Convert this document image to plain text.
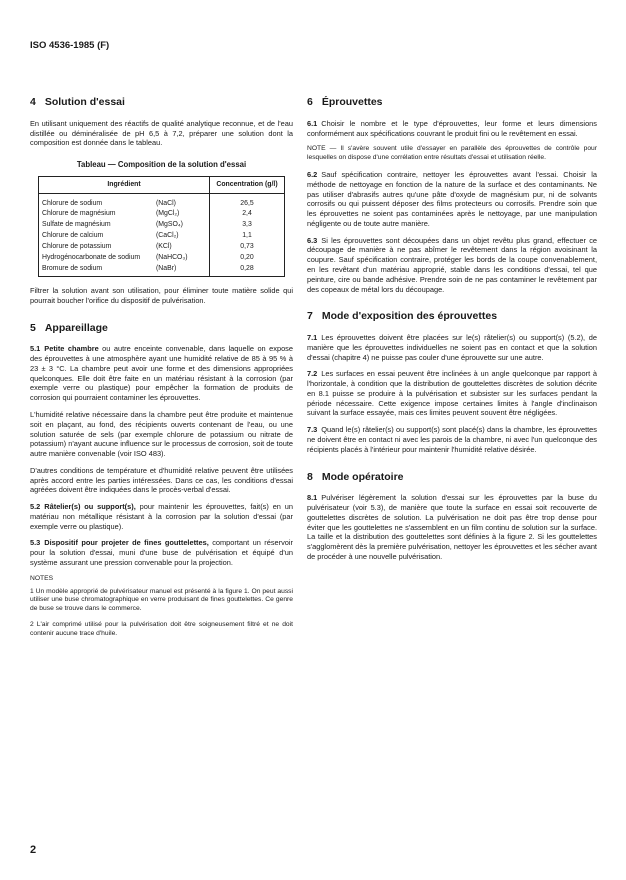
ISO 4536-1985 (F)
4 Solution d'essai

En utilisant uniquement des réactifs de qualité analytique reconnue, et de l'eau distillée ou déminéralisée de pH 6,5 à 7,2, préparer une solution dont la composition est donnée dans le tableau.

Tableau — Composition de la solution d'essai
Ingrédient		Concentration (g/l)
Chlorure de sodium	(NaCl)	26,5
Chlorure de magnésium	(MgCl₂)	2,4
Sulfate de magnésium	(MgSO₄)	3,3
Chlorure de calcium	(CaCl₂)	1,1
Chlorure de potassium	(KCl)	0,73
Hydrogénocarbonate de sodium	(NaHCO₃)	0,20
Bromure de sodium	(NaBr)	0,28

Filtrer la solution avant son utilisation, pour éliminer toute matière solide qui pourrait boucher l'orifice du dispositif de pulvérisation.

5 Appareillage

5.1 Petite chambre ou autre enceinte convenable, dans laquelle on expose des éprouvettes à une atmosphère ayant une humidité relative de 85 à 95 % à 23 ± 3 °C. La chambre peut avoir une forme et des dimensions appropriées quelconques. Elle doit être faite en un matériau résistant à la corrosion (par exemple verre ou plastique) pour empêcher la formation de produits de corrosion qui pourraient contaminer les éprouvettes.

L'humidité relative nécessaire dans la chambre peut être produite et maintenue soit en plaçant, au fond, des récipients ouverts contenant de l'eau, ou une solution saturée de sels (par exemple chlorure de potassium ou nitrate de potassium) n'ayant aucune influence sur le processus de corrosion, soit de toute autre manière convenable (voir ISO 483).

D'autres conditions de température et d'humidité relative peuvent être utilisées après accord entre les parties intéressées. Dans ce cas, les conditions d'essai agréées doivent être indiquées dans le procès-verbal d'essai.

5.2 Râtelier(s) ou support(s), pour maintenir les éprouvettes, fait(s) en un matériau non métallique résistant à la corrosion par la solution d'essai (par exemple verre ou plastique).

5.3 Dispositif pour projeter de fines gouttelettes, comportant un réservoir pour la solution d'essai, muni d'une buse de pulvérisation et équipé d'un système assurant une pression convenable pour la projection.

NOTES

1 Un modèle approprié de pulvérisateur manuel est présenté à la figure 1. On peut aussi utiliser une buse chromatographique en verre produisant de fines gouttelettes. Ce genre de buse se trouve dans le commerce.

2 L'air comprimé utilisé pour la pulvérisation doit être soigneusement filtré et ne doit contenir aucune trace d'huile.

6 Éprouvettes

6.1 Choisir le nombre et le type d'éprouvettes, leur forme et leurs dimensions conformément aux spécifications couvrant le produit fini ou le revêtement en essai.

NOTE — Il s'avère souvent utile d'essayer en parallèle des éprouvettes de contrôle pour lesquelles on dispose d'une corrélation entre résultats d'essai et utilisation réelle.

6.2 Sauf spécification contraire, nettoyer les éprouvettes avant l'essai. Choisir la méthode de nettoyage en fonction de la nature de la surface et des contaminants. Ne pas utiliser d'abrasifs autres qu'une pâte d'oxyde de magnésium pur, ni de solvants corrosifs ou qui puissent déposer des films protecteurs ou corrosifs. Prendre soin que les éprouvettes ne soient pas contaminées après le nettoyage, par une manipulation négligente ou de toute autre manière.

6.3 Si les éprouvettes sont découpées dans un objet revêtu plus grand, effectuer ce découpage de manière à ne pas abîmer le revêtement dans la région avoisinant la coupure. Sauf spécification contraire, protéger les bords de la coupe convenablement, en les revêtant d'un matériau approprié, stable dans les conditions d'essai, tel que peinture, cire ou bande adhésive. Prendre soin de ne pas contaminer le revêtement par des copeaux de métal lors du découpage.

7 Mode d'exposition des éprouvettes

7.1 Les éprouvettes doivent être placées sur le(s) râtelier(s) ou support(s) (5.2), de manière que les éprouvettes individuelles ne soient pas en contact et que la solution d'essai (chapitre 4) ne puisse pas couler d'une éprouvette sur une autre.

7.2 Les surfaces en essai peuvent être inclinées à un angle quelconque par rapport à l'horizontale, à condition que la distribution de gouttelettes discrètes de solution décrite en 8.1 puisse se produire à la pulvérisation et subsister sur les surfaces pendant la période nécessaire. Cette exigence impose certaines limites à l'angle d'inclinaison suivant la surface essayée, mais ces limites peuvent souvent être négligées.

7.3 Quand le(s) râtelier(s) ou support(s) sont placé(s) dans la chambre, les éprouvettes ne doivent être en contact ni avec les parois de la chambre, ni avec l'un quelconque des récipients placés à l'intérieur pour maintenir l'humidité relative désirée.

8 Mode opératoire

8.1 Pulvériser légèrement la solution d'essai sur les éprouvettes par la buse du pulvérisateur (voir 5.3), de manière que toute la surface en essai soit recouverte de gouttelettes discrètes de solution. La pulvérisation ne doit pas être trop dense pour éviter que les gouttelettes ne s'assemblent en un film continu de solution sur la surface. La taille et la distribution des gouttelettes sont définies à la figure 2. Si les gouttelettes s'agglomèrent dès la première pulvérisation, nettoyer les éprouvettes et les sécher avant de procéder à une nouvelle pulvérisation.

2
